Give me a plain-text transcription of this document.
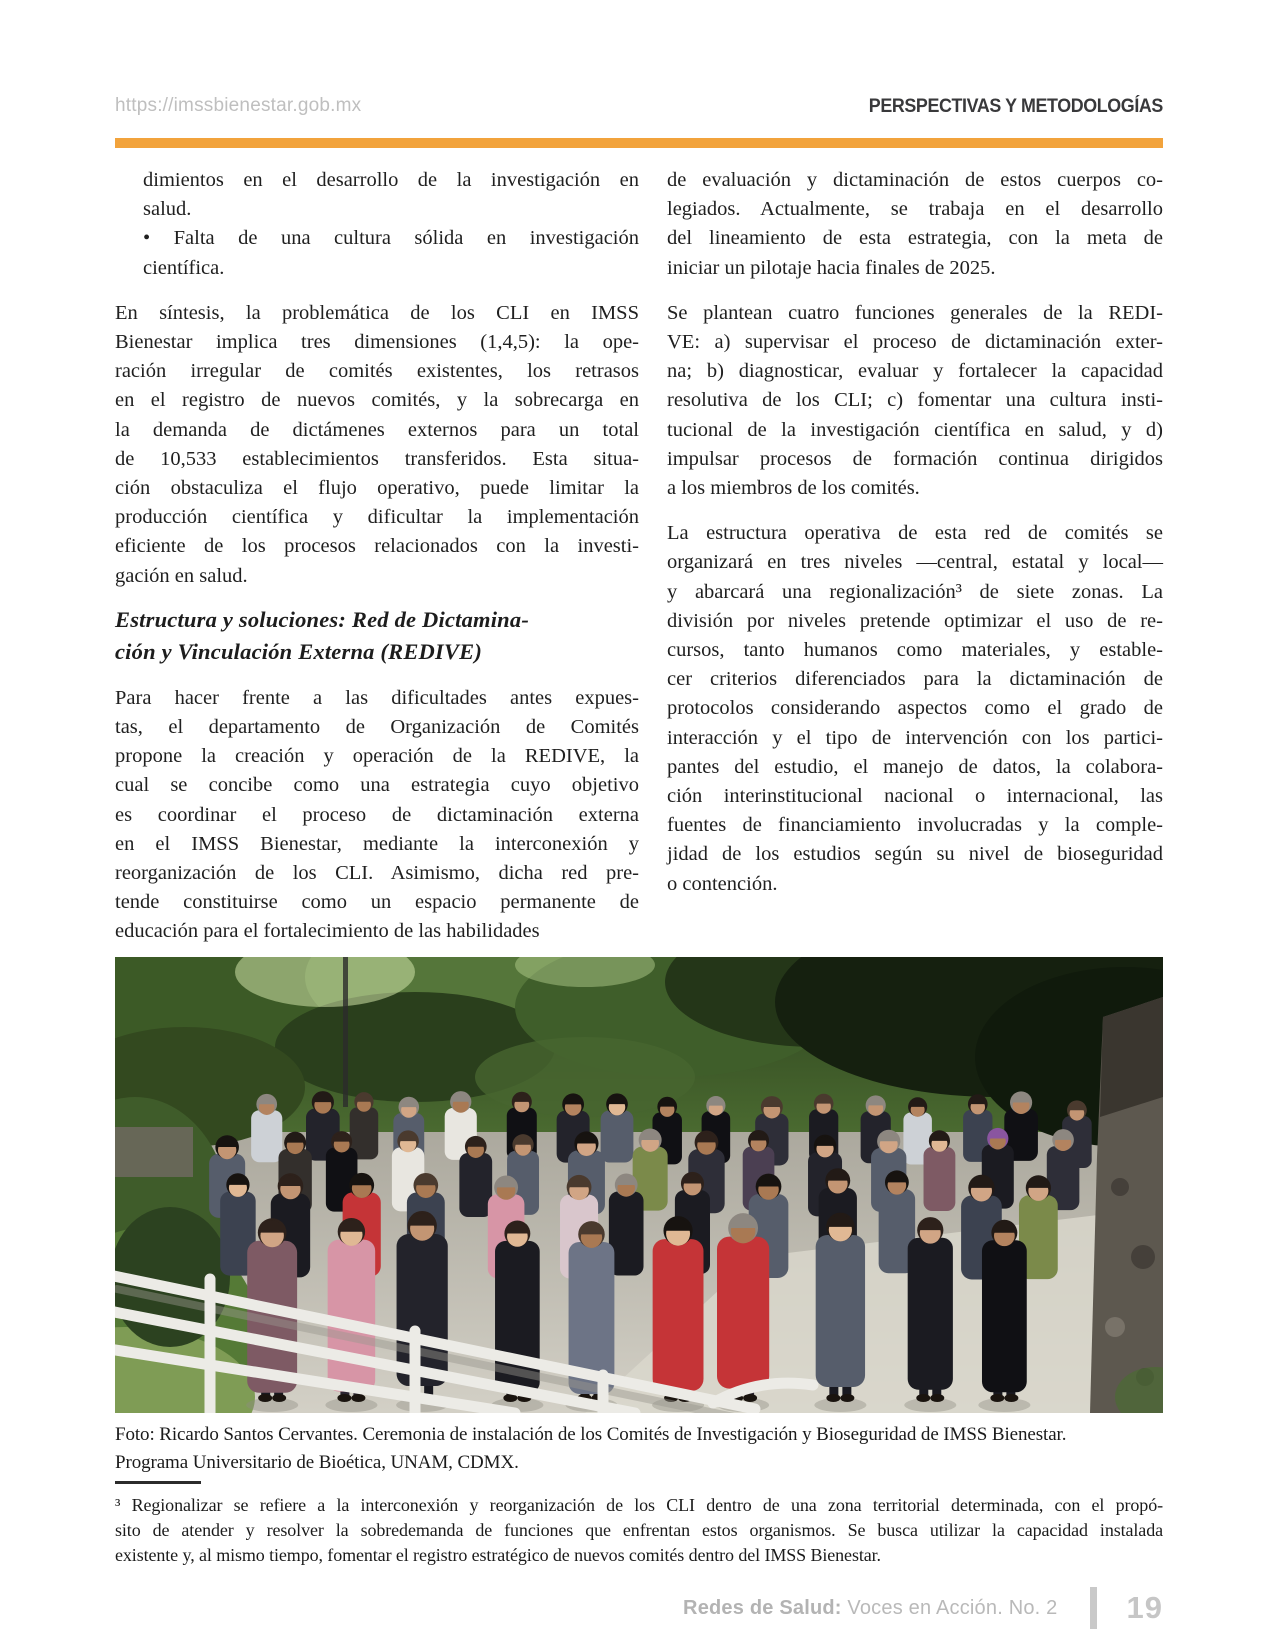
https://imssbienestar.gob.mx	PERSPECTIVAS Y METODOLOGÍAS
dimientos en el desarrollo de la investigación en
salud.
• Falta de una cultura sólida en investigación
científica.
En síntesis, la problemática de los CLI en IMSS
Bienestar implica tres dimensiones (1,4,5): la ope-
ración irregular de comités existentes, los retrasos
en el registro de nuevos comités, y la sobrecarga en
la demanda de dictámenes externos para un total
de 10,533 establecimientos transferidos. Esta situa-
ción obstaculiza el flujo operativo, puede limitar la
producción científica y dificultar la implementación
eficiente de los procesos relacionados con la investi-
gación en salud.
Estructura y soluciones: Red de Dictamina-
ción y Vinculación Externa (REDIVE)
Para hacer frente a las dificultades antes expues-
tas, el departamento de Organización de Comités
propone la creación y operación de la REDIVE, la
cual se concibe como una estrategia cuyo objetivo
es coordinar el proceso de dictaminación externa
en el IMSS Bienestar, mediante la interconexión y
reorganización de los CLI. Asimismo, dicha red pre-
tende constituirse como un espacio permanente de
educación para el fortalecimiento de las habilidades
de evaluación y dictaminación de estos cuerpos co-
legiados. Actualmente, se trabaja en el desarrollo
del lineamiento de esta estrategia, con la meta de
iniciar un pilotaje hacia finales de 2025.
Se plantean cuatro funciones generales de la REDI-
VE: a) supervisar el proceso de dictaminación exter-
na; b) diagnosticar, evaluar y fortalecer la capacidad
resolutiva de los CLI; c) fomentar una cultura insti-
tucional de la investigación científica en salud, y d)
impulsar procesos de formación continua dirigidos
a los miembros de los comités.
La estructura operativa de esta red de comités se
organizará en tres niveles —central, estatal y local—
y abarcará una regionalización³ de siete zonas. La
división por niveles pretende optimizar el uso de re-
cursos, tanto humanos como materiales, y estable-
cer criterios diferenciados para la dictaminación de
protocolos considerando aspectos como el grado de
interacción y el tipo de intervención con los partici-
pantes del estudio, el manejo de datos, la colabora-
ción interinstitucional nacional o internacional, las
fuentes de financiamiento involucradas y la comple-
jidad de los estudios según su nivel de bioseguridad
o contención.
Foto: Ricardo Santos Cervantes. Ceremonia de instalación de los Comités de Investigación y Bioseguridad de IMSS Bienestar.
Programa Universitario de Bioética, UNAM, CDMX.
³ Regionalizar se refiere a la interconexión y reorganización de los CLI dentro de una zona territorial determinada, con el propó-
sito de atender y resolver la sobredemanda de funciones que enfrentan estos organismos. Se busca utilizar la capacidad instalada
existente y, al mismo tiempo, fomentar el registro estratégico de nuevos comités dentro del IMSS Bienestar.
Redes de Salud: Voces en Acción. No. 2 19
